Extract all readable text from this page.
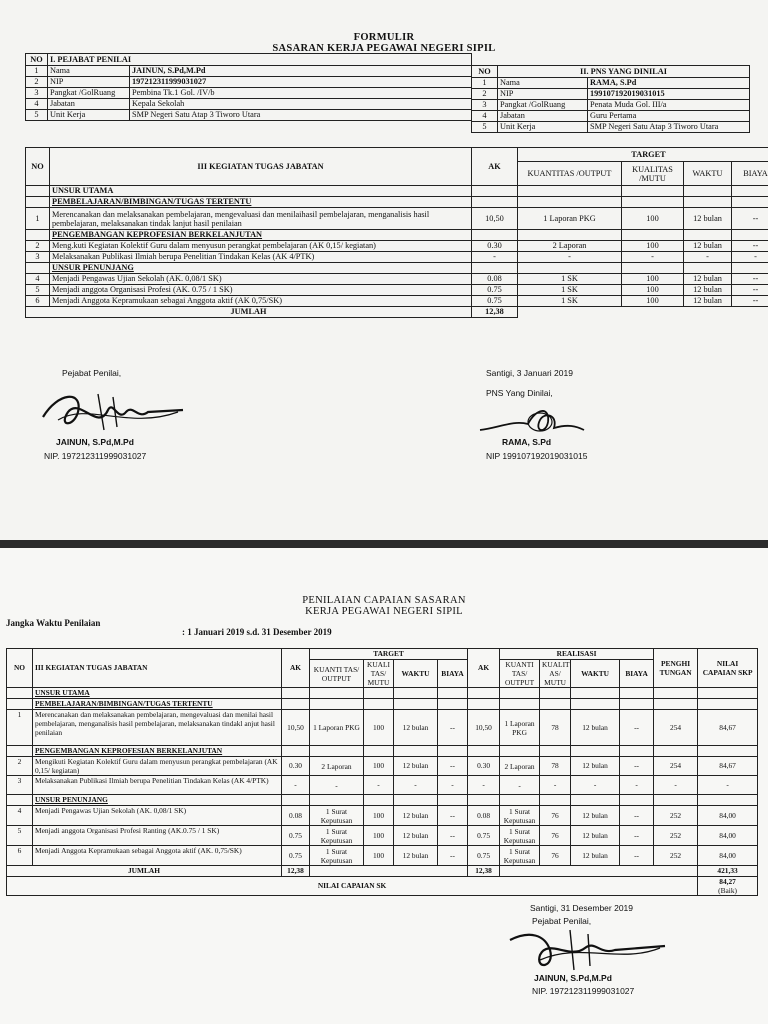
FORMULIR
SASARAN KERJA PEGAWAI NEGERI SIPIL
NO	I. PEJABAT PENILAI	
1	Nama	JAINUN, S.Pd,M.Pd
2	NIP	197212311999031027
3	Pangkat /GolRuang	Pembina Tk.1 Gol. /IV/b
4	Jabatan	Kepala Sekolah
5	Unit Kerja	SMP Negeri Satu Atap 3 Tiworo Utara
NO	II. PNS YANG DINILAI	
1	Nama	RAMA, S.Pd
2	NIP	199107192019031015
3	Pangkat /GolRuang	Penata Muda Gol. III/a
4	Jabatan	Guru Pertama
5	Unit Kerja	SMP Negeri Satu Atap 3 Tiworo Utara
NO	III KEGIATAN TUGAS JABATAN	AK	TARGET			
			KUANTITAS /OUTPUT	KUALITAS /MUTU	WAKTU	BIAYA
	UNSUR UTAMA					
	PEMBELAJARAN/BIMBINGAN/TUGAS TERTENTU					
1	Merencanakan dan melaksanakan pembelajaran, mengevaluasi dan menilaihasil pembelajaran, menganalisis hasil pembelajaran, melaksanakan tindak lanjut hasil penilaian	10,50	1 Laporan PKG	100	12 bulan	--
	PENGEMBANGAN KEPROFESIAN BERKELANJUTAN					
2	Meng.kuti Kegiatan Kolektif Guru dalam menyusun perangkat pembelajaran (AK 0,15/ kegiatan)	0.30	2 Laporan	100	12 bulan	--
3	Melaksanakan Publikasi Ilmiah berupa Penelitian Tindakan Kelas (AK 4/PTK)	-	-	-	-	-
	UNSUR PENUNJANG					
4	Menjadi Pengawas Ujian Sekolah (AK. 0,08/1 SK)	0.08	1 SK	100	12 bulan	--
5	Menjadi anggota Organisasi Profesi (AK. 0.75 / 1 SK)	0.75	1 SK	100	12 bulan	--
6	Menjadi Anggota Kepramukaan sebagai Anggota aktif (AK 0,75/SK)	0.75	1 SK	100	12 bulan	--
JUMLAH		12,38				
Pejabat Penilai,
JAINUN, S.Pd,M.Pd
NIP. 197212311999031027
Santigi, 3 Januari 2019
PNS Yang Dinilai,
RAMA, S.Pd
NIP 199107192019031015
PENILAIAN CAPAIAN SASARAN
KERJA PEGAWAI NEGERI SIPIL
Jangka Waktu Penilaian
: 1 Januari 2019 s.d. 31 Desember 2019
NO	III KEGIATAN TUGAS JABATAN	AK	TARGET				AK	REALISASI				PENGHI TUNGAN	NILAI CAPAIAN SKP
			KUANTI TAS/ OUTPUT	KUALI TAS/ MUTU	WAKTU	BIAYA		KUANTI TAS/ OUTPUT	KUALIT AS/ MUTU	WAKTU	BIAYA		
	UNSUR UTAMA												
	PEMBELAJARAN/BIMBINGAN/TUGAS TERTENTU												
1	Merencanakan dan melaksanakan pembelajaran, mengevaluasi dan menilai hasil pembelajaran, menganalisis hasil pembelajaran, melaksanakan tindakl anjut hasil penilaian	10,50	1 Laporan PKG	100	12 bulan	--	10,50	1 Laporan PKG	78	12 bulan	--	254	84,67
	PENGEMBANGAN KEPROFESIAN BERKELANJUTAN												
2	Mengikuti Kegiatan Kolektif Guru dalam menyusun perangkat pembelajaran (AK 0,15/ kegiatan)	0.30	2 Laporan	100	12 bulan	--	0.30	2 Laporan	78	12 bulan	--	254	84,67
3	Melaksanakan Publikasi Ilmiah berupa Penelitian Tindakan Kelas (AK 4/PTK)	-	-	-	-	-	-	-	-	-	-	-	-
	UNSUR PENUNJANG												
4	Menjadi Pengawas Ujian Sekolah (AK. 0,08/1 SK)	0.08	1 Surat Keputusan	100	12 bulan	--	0.08	1 Surat Keputusan	76	12 bulan	--	252	84,00
5	Menjadi anggota Organisasi Profesi Ranting (AK.0.75 / 1 SK)	0.75	1 Surat Keputusan	100	12 bulan	--	0.75	1 Surat Keputusan	76	12 bulan	--	252	84,00
6	Menjadi Anggota Kepramukaan sebagai Anggota aktif (AK. 0,75/SK)	0.75	1 Surat Keputusan	100	12 bulan	--	0.75	1 Surat Keputusan	76	12 bulan	--	252	84,00
JUMLAH		12,38					12,38						421,33
NILAI CAPAIAN SK													84,27
(Baik)
Santigi, 31 Desember 2019
Pejabat Penilai,
JAINUN, S.Pd,M.Pd
NIP. 197212311999031027
